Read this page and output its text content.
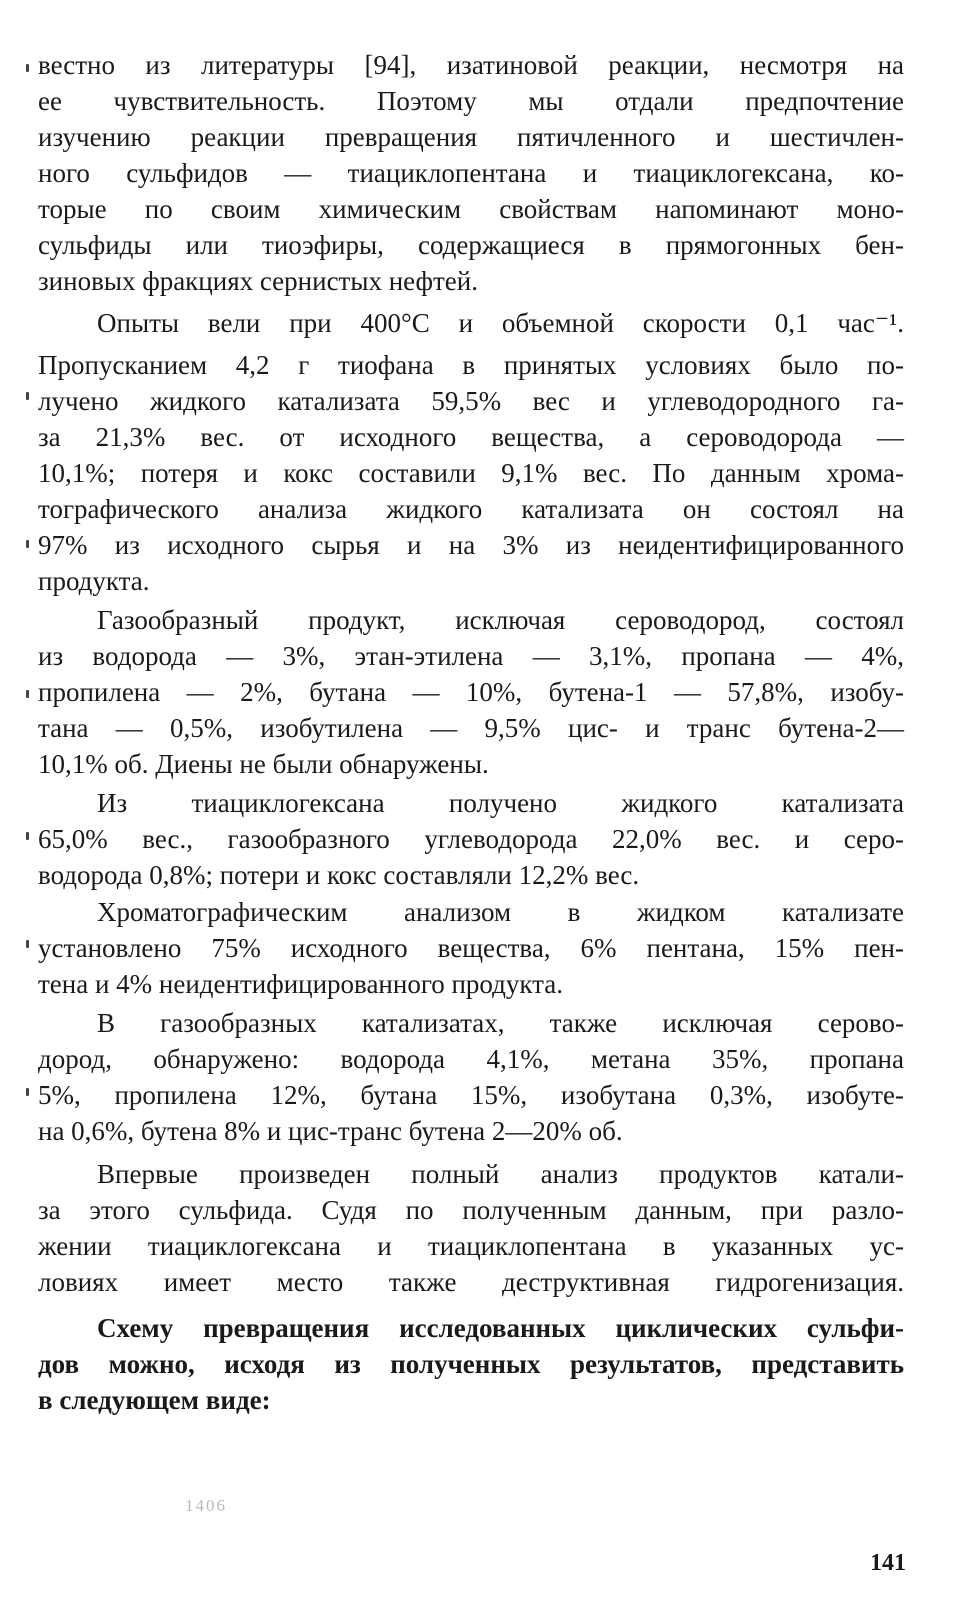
вестно из литературы [94], изатиновой реакции, несмотря на
ее чувствительность. Поэтому мы отдали предпочтение
изучению реакции превращения пятичленного и шестичлен-
ного сульфидов — тиациклопентана и тиациклогексана, ко-
торые по своим химическим свойствам напоминают моно-
сульфиды или тиоэфиры, содержащиеся в прямогонных бен-
зиновых фракциях сернистых нефтей.
Опыты вели при 400°С и объемной скорости 0,1 час⁻¹.
Пропусканием 4,2 г тиофана в принятых условиях было по-
лучено жидкого катализата 59,5% вес и углеводородного га-
за 21,3% вес. от исходного вещества, а сероводорода —
10,1%; потеря и кокс составили 9,1% вес. По данным хрома-
тографического анализа жидкого катализата он состоял на
97% из исходного сырья и на 3% из неидентифицированного
продукта.
Газообразный продукт, исключая сероводород, состоял
из водорода — 3%, этан-этилена — 3,1%, пропана — 4%,
пропилена — 2%, бутана — 10%, бутена-1 — 57,8%, изобу-
тана — 0,5%, изобутилена — 9,5% цис- и транс бутена-2—
10,1% об. Диены не были обнаружены.
Из тиациклогексана получено жидкого катализата
65,0% вес., газообразного углеводорода 22,0% вес. и серо-
водорода 0,8%; потери и кокс составляли 12,2% вес.
Хроматографическим анализом в жидком катализате
установлено 75% исходного вещества, 6% пентана, 15% пен-
тена и 4% неидентифицированного продукта.
В газообразных катализатах, также исключая серово-
дород, обнаружено: водорода 4,1%, метана 35%, пропана
5%, пропилена 12%, бутана 15%, изобутана 0,3%, изобуте-
на 0,6%, бутена 8% и цис-транс бутена 2—20% об.
Впервые произведен полный анализ продуктов катали-
за этого сульфида. Судя по полученным данным, при разло-
жении тиациклогексана и тиациклопентана в указанных ус-
ловиях имеет место также деструктивная гидрогенизация.
Схему превращения исследованных циклических сульфи-
дов можно, исходя из полученных результатов, представить
в следующем виде:
1406
141
